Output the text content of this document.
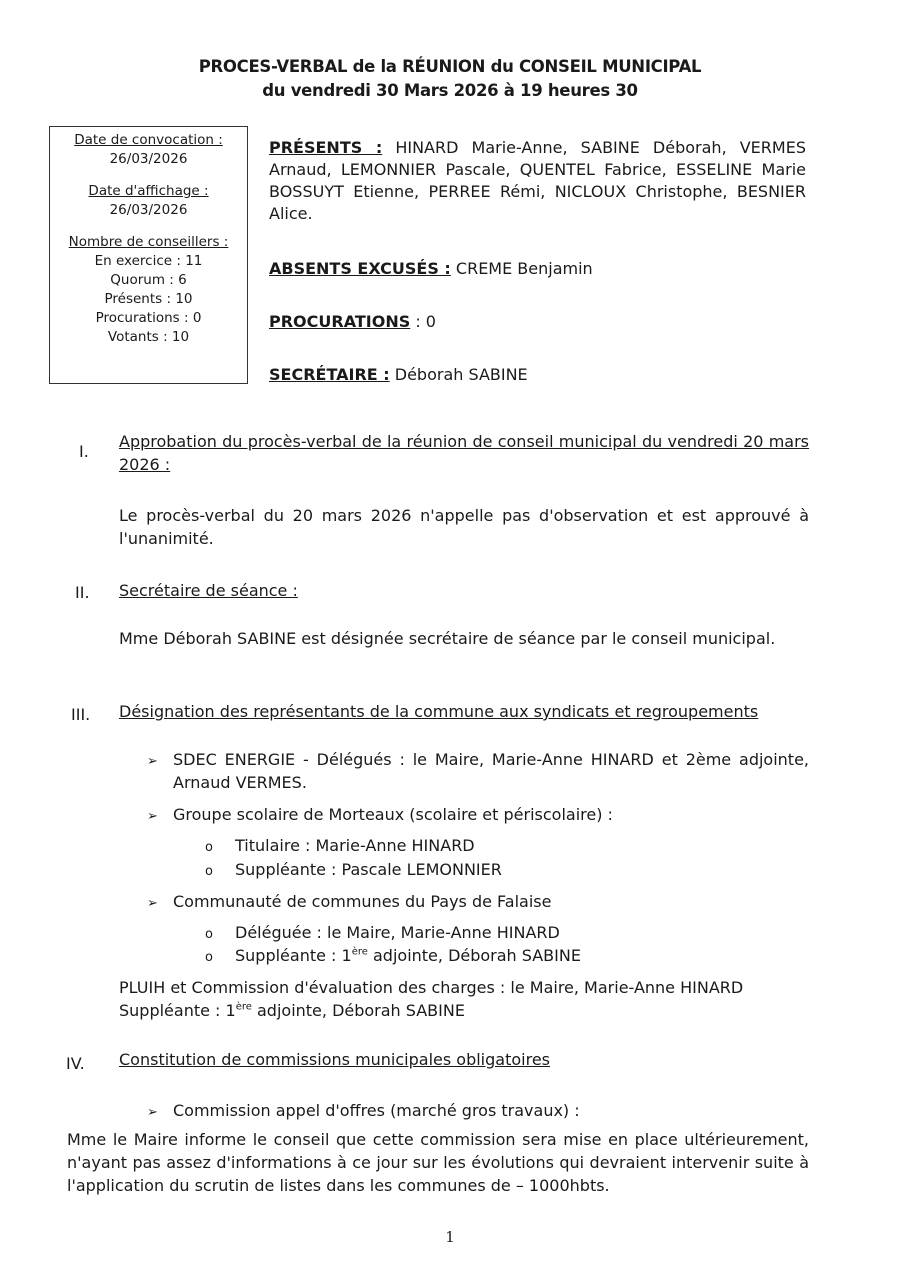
PROCES-VERBAL de la RÉUNION du CONSEIL MUNICIPAL
du vendredi 30 Mars 2026 à 19 heures 30
Date de convocation :
26/03/2026
Date d'affichage :
26/03/2026
Nombre de conseillers :
En exercice : 11
Quorum : 6
Présents : 10
Procurations : 0
Votants : 10
PRÉSENTS : HINARD Marie-Anne, SABINE Déborah, VERMES Arnaud, LEMONNIER Pascale, QUENTEL Fabrice, ESSELINE Marie BOSSUYT Etienne, PERREE Rémi, NICLOUX Christophe, BESNIER Alice.
ABSENTS EXCUSÉS : CREME Benjamin
PROCURATIONS : 0
SECRÉTAIRE : Déborah SABINE
I.
Approbation du procès-verbal de la réunion de conseil municipal du vendredi 20 mars 2026 :
Le procès-verbal du 20 mars 2026 n'appelle pas d'observation et est approuvé à l'unanimité.
II. Secrétaire de séance :
Mme Déborah SABINE est désignée secrétaire de séance par le conseil municipal.
III. Désignation des représentants de la commune aux syndicats et regroupements
➢ SDEC ENERGIE - Délégués : le Maire, Marie-Anne HINARD et 2ème adjointe, Arnaud VERMES.
➢ Groupe scolaire de Morteaux (scolaire et périscolaire) :
o Titulaire : Marie-Anne HINARD
o Suppléante : Pascale LEMONNIER
➢ Communauté de communes du Pays de Falaise
o Déléguée : le Maire, Marie-Anne HINARD
o Suppléante : 1ère adjointe, Déborah SABINE
PLUIH et Commission d'évaluation des charges : le Maire, Marie-Anne HINARD
Suppléante : 1ère adjointe, Déborah SABINE
IV. Constitution de commissions municipales obligatoires
➢ Commission appel d'offres (marché gros travaux) :
Mme le Maire informe le conseil que cette commission sera mise en place ultérieurement, n'ayant pas assez d'informations à ce jour sur les évolutions qui devraient intervenir suite à l'application du scrutin de listes dans les communes de – 1000hbts.
1
